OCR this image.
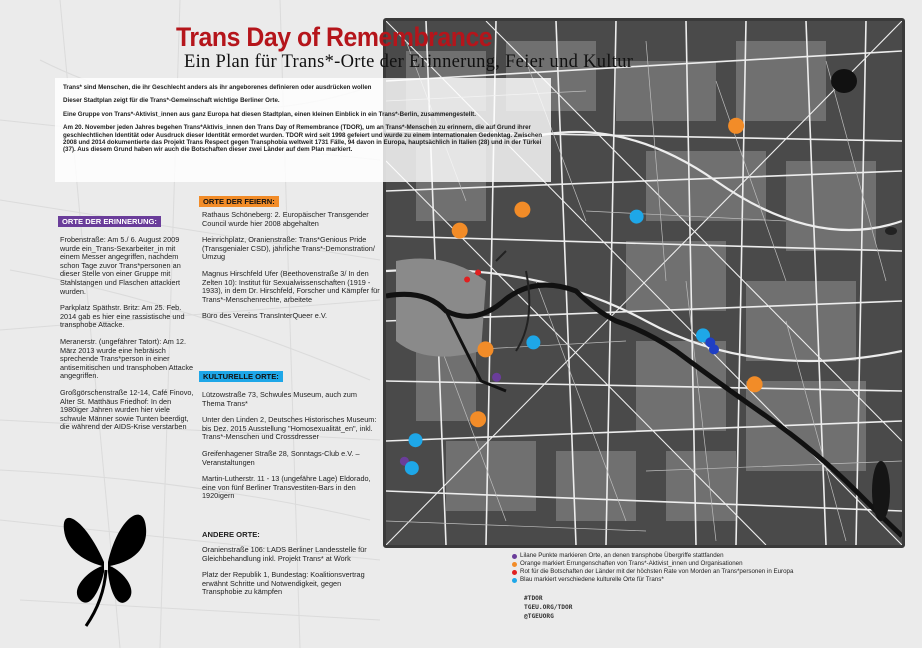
Trans Day of Remembrance
Ein Plan für Trans*-Orte der Erinnerung, Feier und Kultur

Trans* sind Menschen, die ihr Geschlecht anders als ihr angeborenes definieren oder ausdrücken wollen

Dieser Stadtplan zeigt für die Trans*-Gemeinschaft wichtige Berliner Orte.

Eine Gruppe von Trans*-Aktivist_innen aus ganz Europa hat diesen Stadtplan, einen kleinen Einblick in ein Trans*-Berlin, zusammengestellt.

Am 20. November jeden Jahres begehen Trans*Aktivis_innen den Trans Day of Remembrance (TDOR), um an Trans*-Menschen zu erinnern, die auf Grund ihrer geschlechtlichen Identität oder Ausdruck dieser Identität ermordet wurden. TDOR wird seit 1998 gefeiert und wurde zu einem internationalen Gedenktag. Zwischen 2008 und 2014 dokumentierte das Projekt Trans Respect gegen Transphobia weltweit 1731 Fälle, 94 davon in Europa, hauptsächlich in Italien (28) und in der Türkei (37). Aus diesem Grund haben wir auch die Botschaften dieser zwei Länder auf dem Plan markiert.

ORTE DER ERINNERUNG:

Frobenstraße: Am 5./ 6. August 2009 wurde ein_Trans-Sexarbeiter_in mit einem Messer angegriffen, nachdem schon Tage zuvor Trans*personen an dieser Stelle von einer Gruppe mit Stahlstangen und Flaschen attackiert wurden.

Parkplatz Späthstr. Britz: Am 25. Feb. 2014 gab es hier eine rassistische und transphobe Attacke.

Meranerstr. (ungefährer Tatort): Am 12. März 2013 wurde eine hebräisch sprechende Trans*person in einer antisemitischen und transphoben Attacke angegriffen.

Großgörschenstraße 12-14, Café Finovo, Alter St. Matthäus Friedhof: In den 1980iger Jahren wurden hier viele schwule Männer sowie Tunten beerdigt, die während der AIDS-Krise verstarben

ORTE DER FEIERN:

Rathaus Schöneberg: 2. Europäischer Transgender Council wurde hier 2008 abgehalten

Heinrichplatz, Oranienstraße: Trans*Genious Pride (Transgenialer CSD), jährliche Trans*-Demonstration/ Umzug

Magnus Hirschfeld Ufer (Beethovenstraße 3/ In den Zelten 10): Institut für Sexualwissenschaften (1919 - 1933), in dem Dr. Hirschfeld, Forscher und Kämpfer für Trans*-Menschenrechte, arbeitete

Büro des Vereins TransInterQueer e.V.

KULTURELLE ORTE:

Lützowstraße 73, Schwules Museum, auch zum Thema Trans*

Unter den Linden 2, Deutsches Historisches Museum: bis Dez. 2015 Ausstellung "Homosexualität_en", inkl. Trans*-Menschen und Crossdresser

Greifenhagener Straße 28, Sonntags-Club e.V. – Veranstaltungen

Martin-Lutherstr. 11 - 13 (ungefähre Lage) Eldorado, eine von fünf Berliner Transvestiten-Bars in den 1920igern

ANDERE ORTE:

Oranienstraße 106: LADS Berliner Landesstelle für Gleichbehandlung inkl. Projekt Trans* at Work

Platz der Republik 1, Bundestag: Koalitionsvertrag erwähnt Schritte und Notwendigkeit, gegen Transphobie zu kämpfen

Lilane Punkte markieren Orte, an denen transphobe Übergriffe stattfanden
Orange markiert Errungenschaften von Trans*-Aktivist_innen und Organisationen
Rot für die Botschaften der Länder mit der höchsten Rate von Morden an Trans*personen in Europa
Blau markiert verschiedene kulturelle Orte für Trans*
#TDOR
TGEU.ORG/TDOR
@TGEUORG
